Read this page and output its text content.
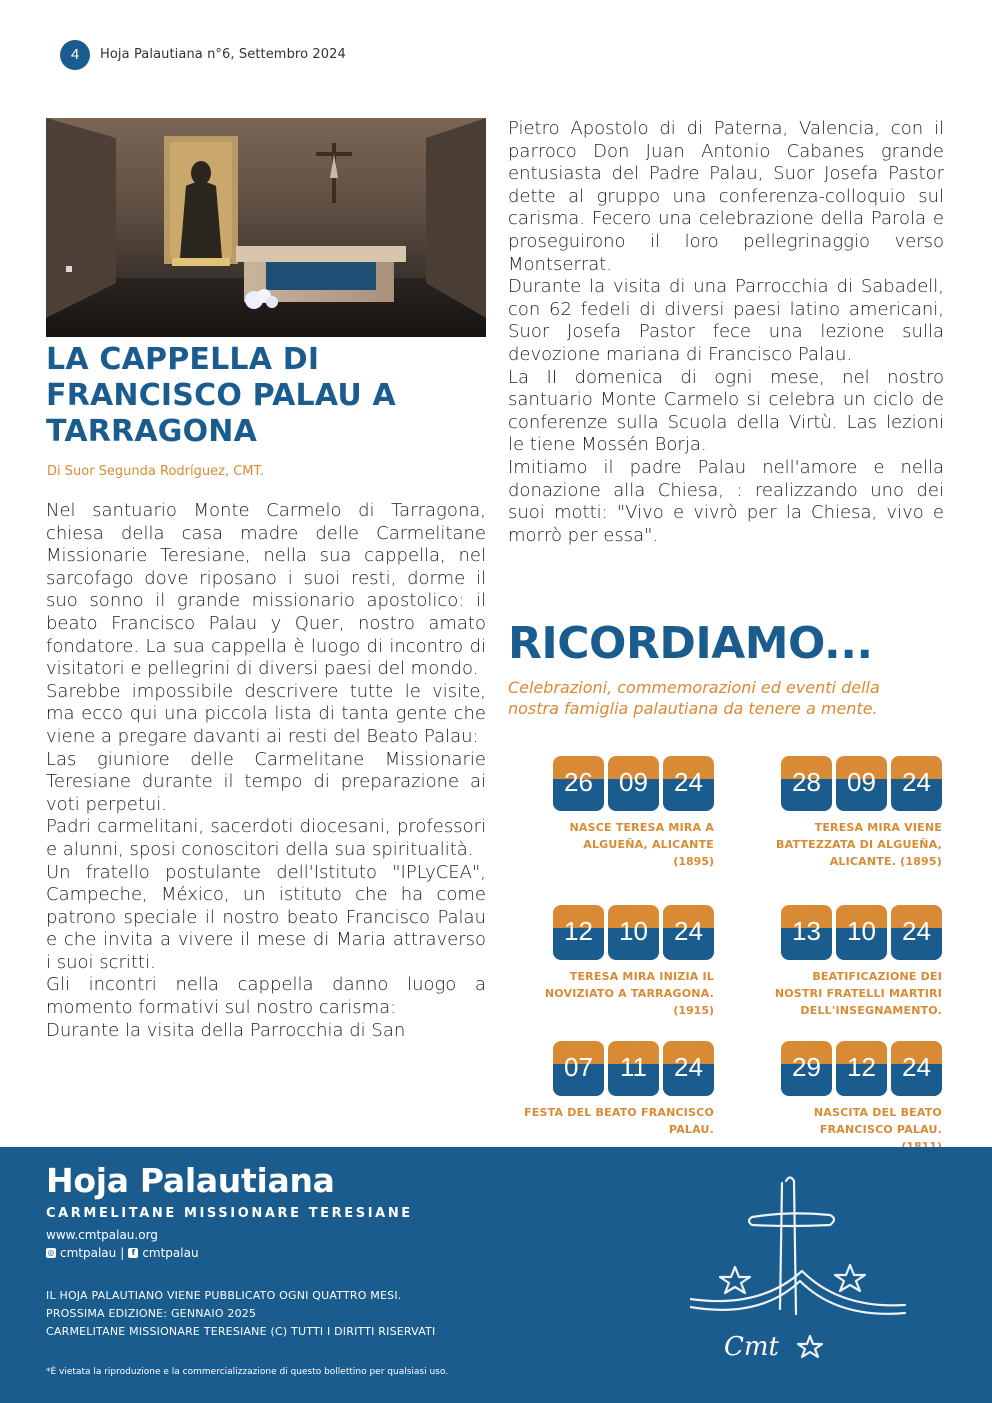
4	Hoja Palautiana n°6, Settembro 2024
LA CAPPELLA DI
FRANCISCO PALAU A
TARRAGONA
Di Suor Segunda Rodríguez, CMT.

Nel santuario Monte Carmelo di Tarragona, chiesa della casa madre delle Carmelitane Missionarie Teresiane, nella sua cappella, nel sarcofago dove riposano i suoi resti, dorme il suo sonno il grande missionario apostolico: il beato Francisco Palau y Quer, nostro amato fondatore. La sua cappella è luogo di incontro di visitatori e pellegrini di diversi paesi del mondo.

Sarebbe impossibile descrivere tutte le visite, ma ecco qui una piccola lista di tanta gente che viene a pregare davanti ai resti del Beato Palau:

Las giuniore delle Carmelitane Missionarie Teresiane durante il tempo di preparazione ai voti perpetui.

Padri carmelitani, sacerdoti diocesani, professori e alunni, sposi conoscitori della sua spiritualità.

Un fratello postulante dell'Istituto "IPLyCEA", Campeche, México, un istituto che ha come patrono speciale il nostro beato Francisco Palau e che invita a vivere il mese di Maria attraverso i suoi scritti.

Gli incontri nella cappella danno luogo a momento formativi sul nostro carisma:

Durante la visita della Parrocchia di San

Pietro Apostolo di di Paterna, Valencia, con il parroco Don Juan Antonio Cabanes grande entusiasta del Padre Palau, Suor Josefa Pastor dette al gruppo una conferenza-colloquio sul carisma. Fecero una celebrazione della Parola e proseguirono il loro pellegrinaggio verso Montserrat.

Durante la visita di una Parrocchia di Sabadell, con 62 fedeli di diversi paesi latino americani, Suor Josefa Pastor fece una lezione sulla devozione mariana di Francisco Palau.

La II domenica di ogni mese, nel nostro santuario Monte Carmelo si celebra un ciclo de conferenze sulla Scuola della Virtù. Las lezioni le tiene Mossén Borja.

Imitiamo il padre Palau nell'amore e nella donazione alla Chiesa, : realizzando uno dei suoi motti: "Vivo e vivrò per la Chiesa, vivo e morrò per essa".

RICORDIAMO...
Celebrazioni, commemorazioni ed eventi della nostra famiglia palautiana da tenere a mente.
26	09	24
NASCE TERESA MIRA A
ALGUEÑA, ALICANTE
(1895)
28	09	24
TERESA MIRA VIENE
BATTEZZATA DI ALGUEÑA,
ALICANTE. (1895)
12	10	24
TERESA MIRA INIZIA IL
NOVIZIATO A TARRAGONA.
(1915)
13	10	24
BEATIFICAZIONE DEI
NOSTRI FRATELLI MARTIRI
DELL'INSEGNAMENTO.
07	11	24
FESTA DEL BEATO FRANCISCO
PALAU.
29	12	24
NASCITA DEL BEATO
FRANCISCO PALAU.
Hoja Palautiana
CARMELITANE MISSIONARE TERESIANE
www.cmtpalau.org
◎ cmtpalau | f cmtpalau
IL HOJA PALAUTIANO VIENE PUBBLICATO OGNI QUATTRO MESI.
PROSSIMA EDIZIONE: GENNAIO 2025
CARMELITANE MISSIONARE TERESIANE (C) TUTTI I DIRITTI RISERVATI
*È vietata la riproduzione e la commercializzazione di questo bollettino per qualsiasi uso.
Cmt
